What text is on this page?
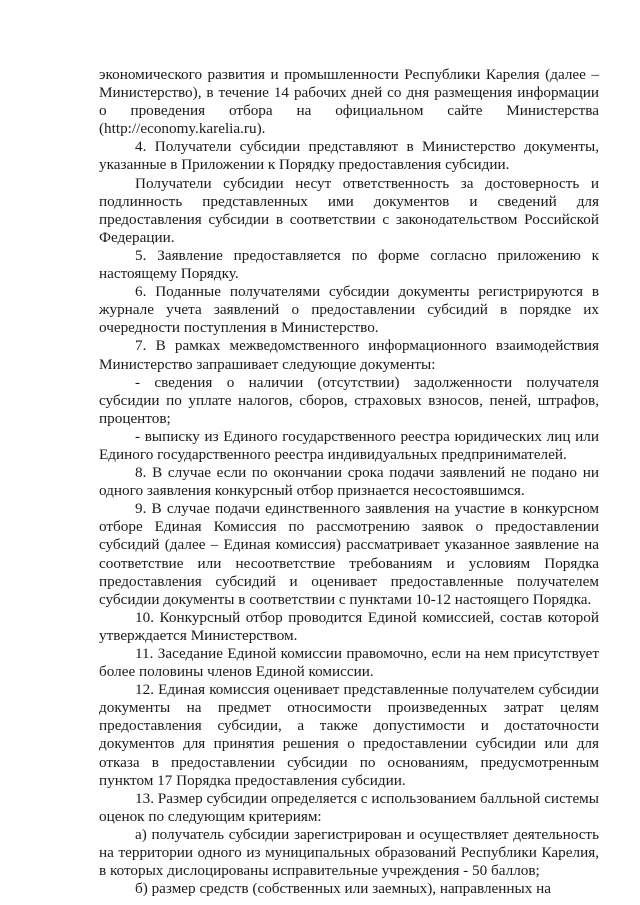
экономического развития и промышленности Республики Карелия (далее – Министерство), в течение 14 рабочих дней со дня размещения информации о проведения отбора на официальном сайте Министерства (http://economy.karelia.ru).

4. Получатели субсидии представляют в Министерство документы, указанные в Приложении к Порядку предоставления субсидии.

Получатели субсидии несут ответственность за достоверность и подлинность представленных ими документов и сведений для предоставления субсидии в соответствии с законодательством Российской Федерации.

5. Заявление предоставляется по форме согласно приложению к настоящему Порядку.

6. Поданные получателями субсидии документы регистрируются в журнале учета заявлений о предоставлении субсидий в порядке их очередности поступления в Министерство.

7. В рамках межведомственного информационного взаимодействия Министерство запрашивает следующие документы:

- сведения о наличии (отсутствии) задолженности получателя субсидии по уплате налогов, сборов, страховых взносов, пеней, штрафов, процентов;

- выписку из Единого государственного реестра юридических лиц или Единого государственного реестра индивидуальных предпринимателей.

8. В случае если по окончании срока подачи заявлений не подано ни одного заявления конкурсный отбор признается несостоявшимся.

9. В случае подачи единственного заявления на участие в конкурсном отборе Единая Комиссия по рассмотрению заявок о предоставлении субсидий (далее – Единая комиссия) рассматривает указанное заявление на соответствие или несоответствие требованиям и условиям Порядка предоставления субсидий и оценивает предоставленные получателем субсидии документы в соответствии с пунктами 10-12 настоящего Порядка.

10. Конкурсный отбор проводится Единой комиссией, состав которой утверждается Министерством.

11. Заседание Единой комиссии правомочно, если на нем присутствует более половины членов Единой комиссии.

12. Единая комиссия оценивает представленные получателем субсидии документы на предмет относимости произведенных затрат целям предоставления субсидии, а также допустимости и достаточности документов для принятия решения о предоставлении субсидии или для отказа в предоставлении субсидии по основаниям, предусмотренным пунктом 17 Порядка предоставления субсидии.

13. Размер субсидии определяется с использованием балльной системы оценок по следующим критериям:

а) получатель субсидии зарегистрирован и осуществляет деятельность на территории одного из муниципальных образований Республики Карелия, в которых дислоцированы исправительные учреждения - 50 баллов;

б) размер средств (собственных или заемных), направленных на
